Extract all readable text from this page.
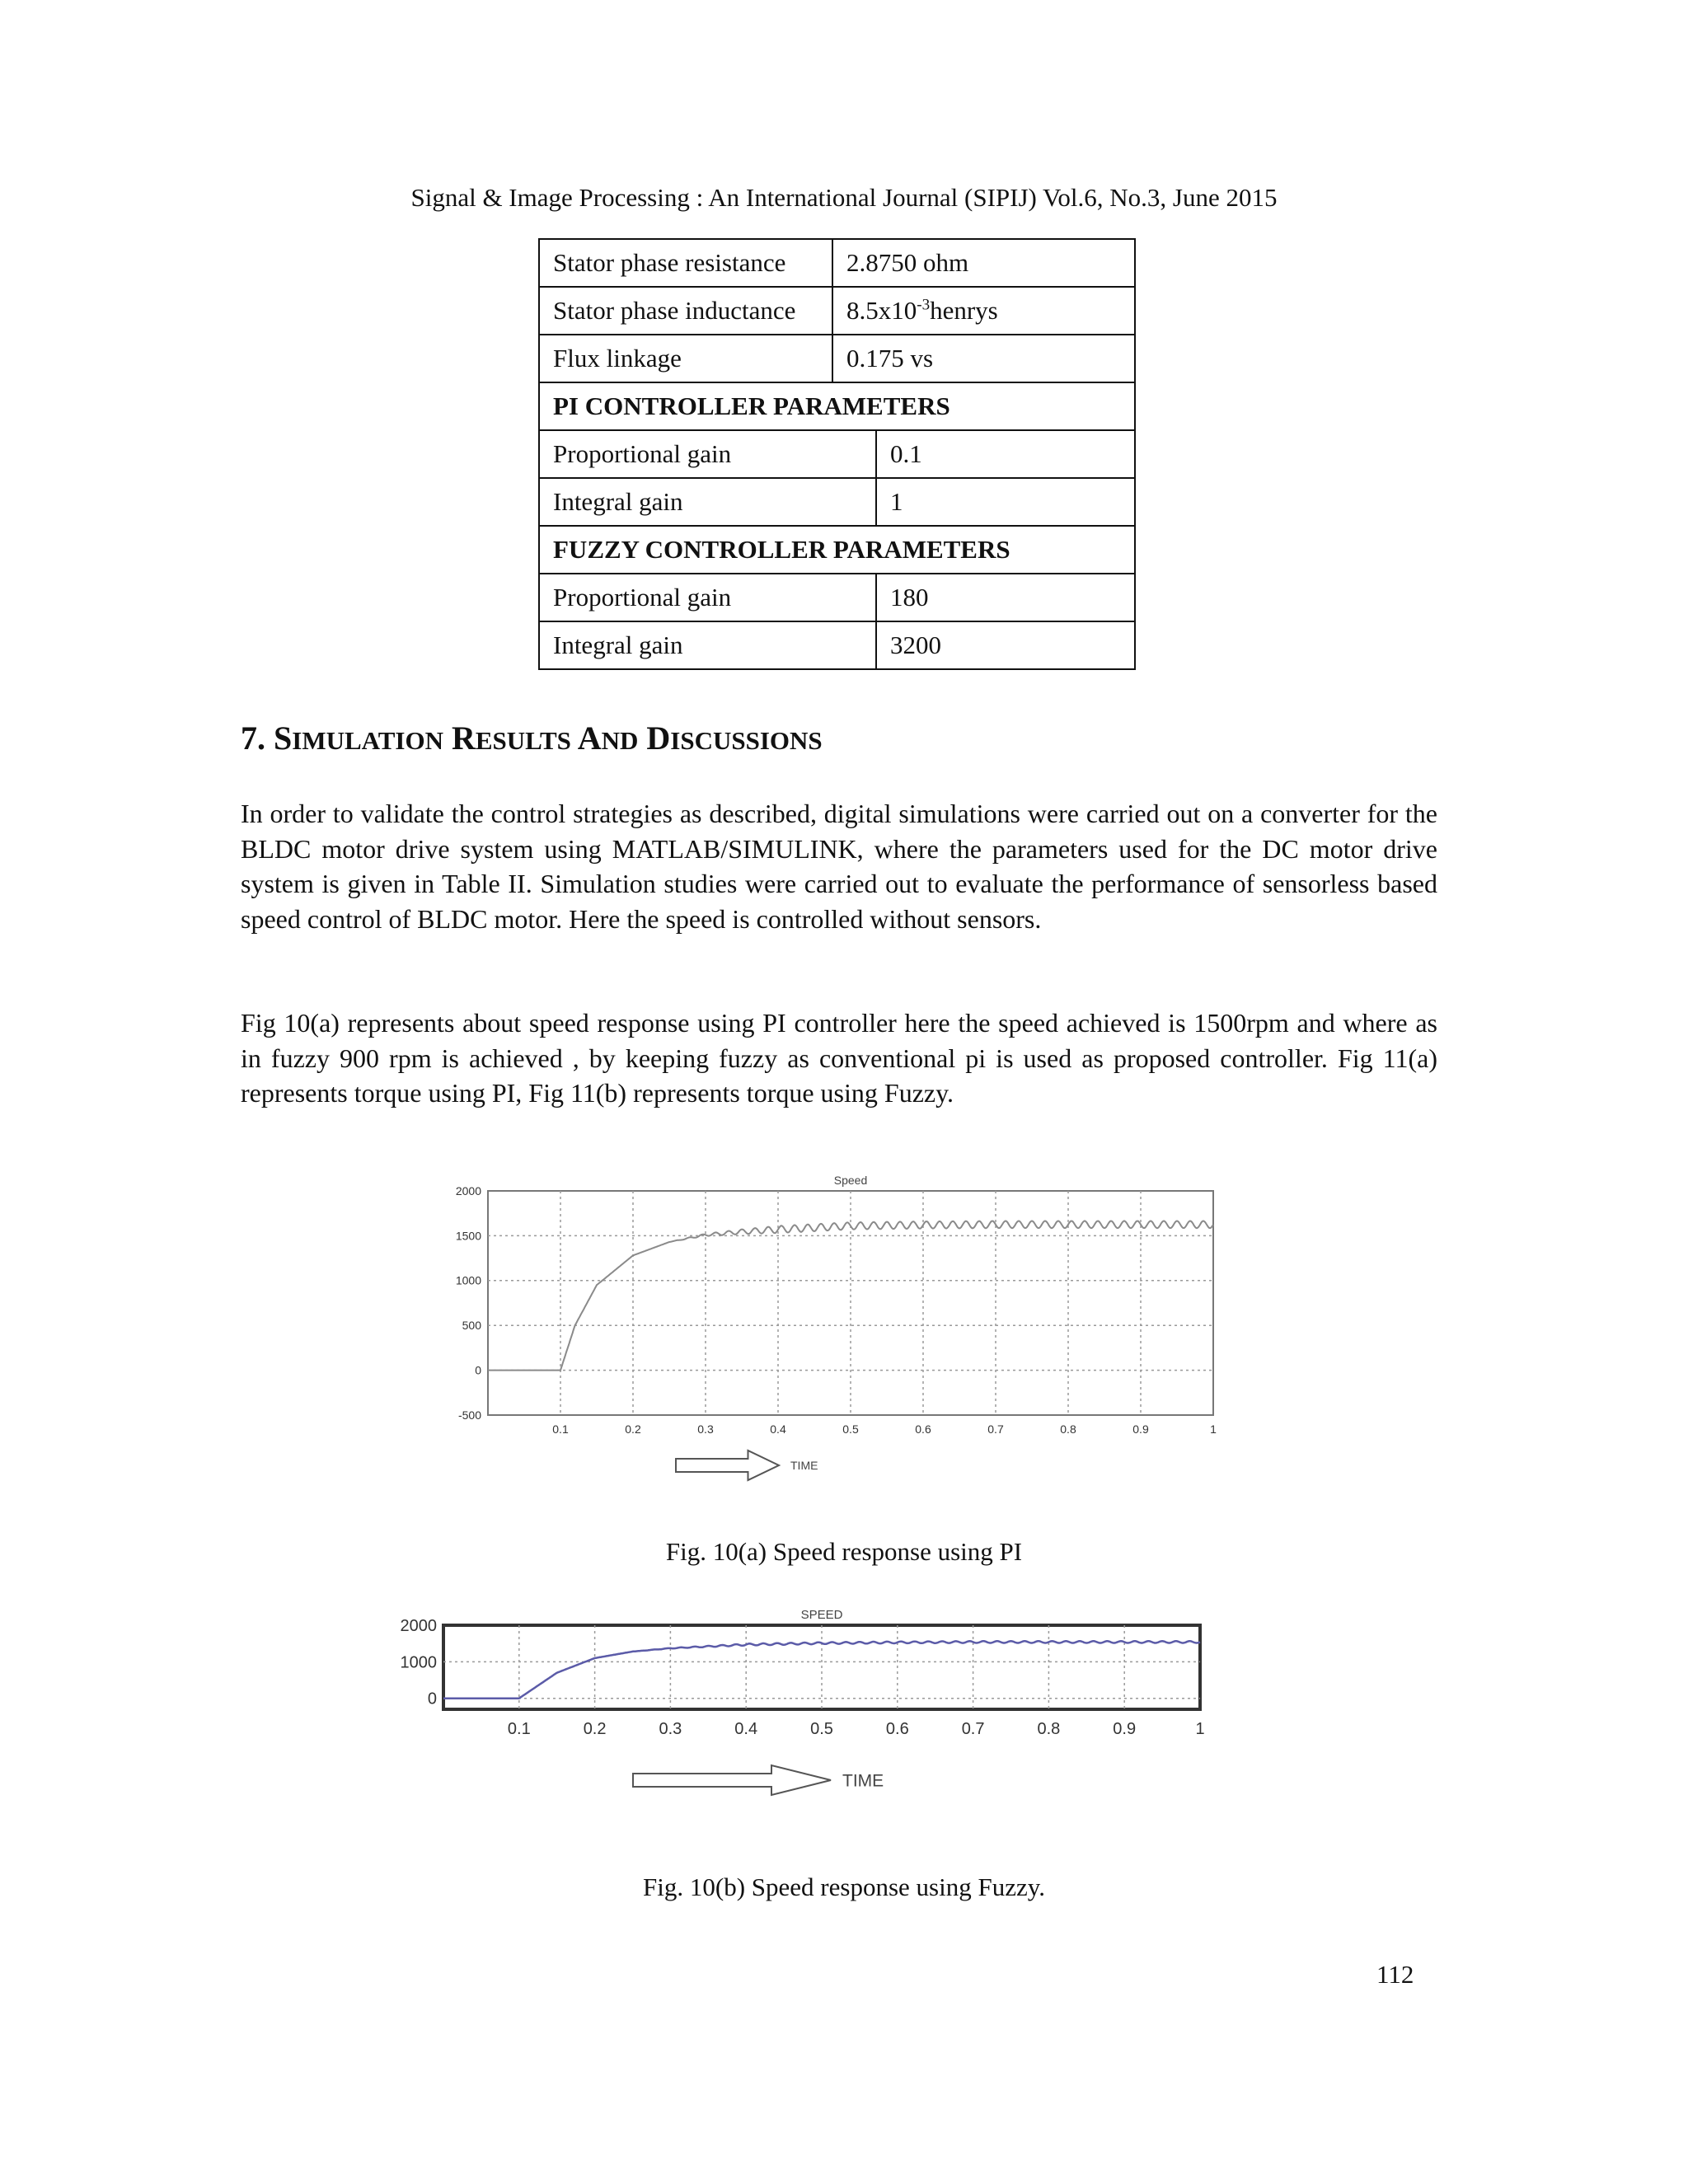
Signal & Image Processing : An International Journal (SIPIJ) Vol.6, No.3, June 2015
Stator phase resistance	2.8750 ohm	
Stator phase inductance	$8.5x10^{-3}henrys$	
Flux linkage	0.175 vs	
PI CONTROLLER PARAMETERS		
Proportional gain		0.1
Integral gain		1
FUZZY CONTROLLER PARAMETERS		
Proportional gain		180
Integral gain		3200
7. SIMULATION RESULTS AND DISCUSSIONS
In order to validate the control strategies as described, digital simulations were carried out on a converter for the BLDC motor drive system using MATLAB/SIMULINK, where the parameters used for the DC motor drive system is given in Table II. Simulation studies were carried out to evaluate the performance of sensorless based speed control of BLDC motor. Here the speed is controlled without sensors.
Fig 10(a) represents about speed response using PI controller here the speed achieved is 1500rpm and where as in fuzzy 900 rpm is achieved , by keeping fuzzy as conventional pi is used as proposed controller. Fig 11(a) represents torque using PI, Fig 11(b) represents torque using Fuzzy.
0.1	0.2	0.3	0.4	0.5	0.6	0.7	0.8	0.9	1
2000
1500
1000
500
0
-500
Speed
TIME
Fig. 10(a) Speed response using PI
0.1	0.2	0.3	0.4	0.5	0.6	0.7	0.8	0.9	1
2000
1000
0
SPEED
TIME
Fig. 10(b) Speed response using Fuzzy.
112
